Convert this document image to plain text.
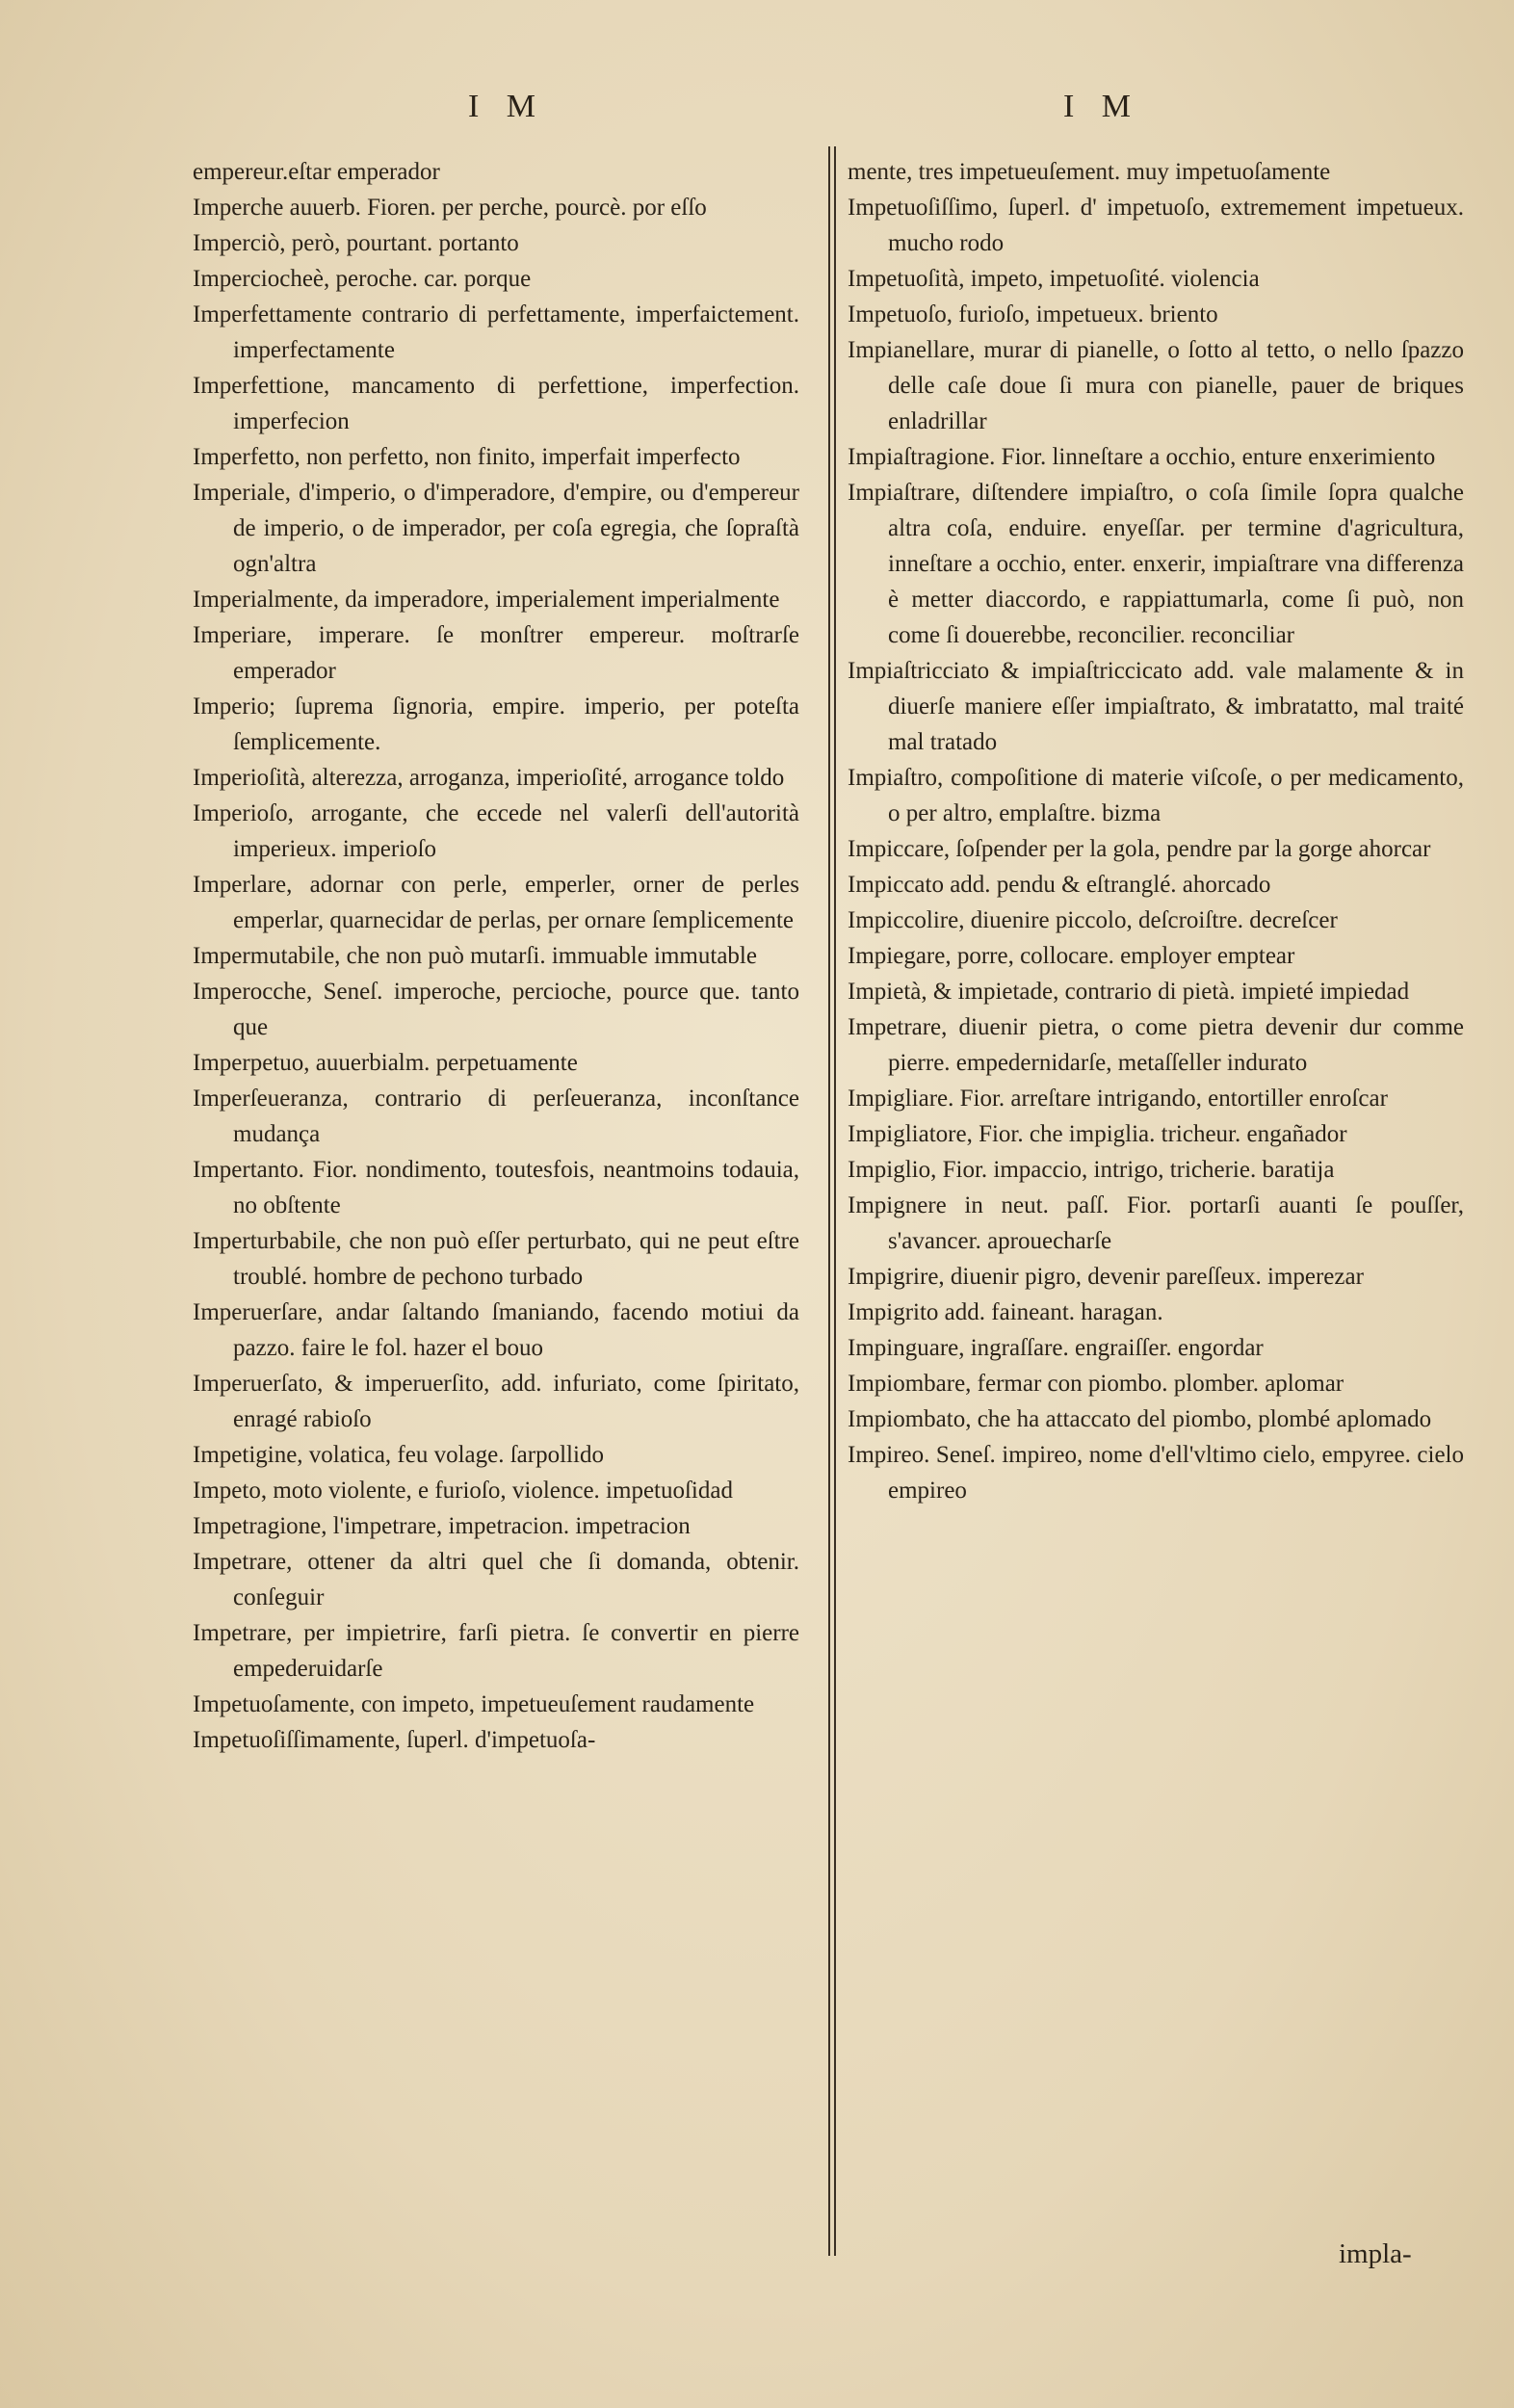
I M	I M

empereur.eſtar emperador

Imperche auuerb. Fioren. per perche, pourcè. por eſſo

Imperciò, però, pourtant. portanto

Imperciocheè, peroche. car. porque

Imperfettamente contrario di perfettamente, imperfaictement. imperfectamente

Imperfettione, mancamento di perfettione, imperfection. imperfecion

Imperfetto, non perfetto, non finito, imperfait imperfecto

Imperiale, d'imperio, o d'imperadore, d'empire, ou d'empereur de imperio, o de imperador, per coſa egregia, che ſopraſtà ogn'altra

Imperialmente, da imperadore, imperialement imperialmente

Imperiare, imperare. ſe monſtrer empereur. moſtrarſe emperador

Imperio; ſuprema ſignoria, empire. imperio, per poteſta ſemplicemente.

Imperioſità, alterezza, arroganza, imperioſité, arrogance toldo

Imperioſo, arrogante, che eccede nel valerſi dell'autorità imperieux. imperioſo

Imperlare, adornar con perle, emperler, orner de perles emperlar, quarnecidar de perlas, per ornare ſemplicemente

Impermutabile, che non può mutarſi. immuable immutable

Imperocche, Seneſ. imperoche, percioche, pource que. tanto que

Imperpetuo, auuerbialm. perpetuamente

Imperſeueranza, contrario di perſeueranza, inconſtance mudança

Impertanto. Fior. nondimento, toutesfois, neantmoins todauia, no obſtente

Imperturbabile, che non può eſſer perturbato, qui ne peut eſtre troublé. hombre de pechono turbado

Imperuerſare, andar ſaltando ſmaniando, facendo motiui da pazzo. faire le fol. hazer el bouo

Imperuerſato, & imperuerſito, add. infuriato, come ſpiritato, enragé rabioſo

Impetigine, volatica, feu volage. ſarpollido

Impeto, moto violente, e furioſo, violence. impetuoſidad

Impetragione, l'impetrare, impetracion. impetracion

Impetrare, ottener da altri quel che ſi domanda, obtenir. conſeguir

Impetrare, per impietrire, farſi pietra. ſe convertir en pierre empederuidarſe

Impetuoſamente, con impeto, impetueuſement raudamente

Impetuoſiſſimamente, ſuperl. d'impetuoſa-

mente, tres impetueuſement. muy impetuoſamente

Impetuoſiſſimo, ſuperl. d' impetuoſo, extremement impetueux. mucho rodo

Impetuoſità, impeto, impetuoſité. violencia

Impetuoſo, furioſo, impetueux. briento

Impianellare, murar di pianelle, o ſotto al tetto, o nello ſpazzo delle caſe doue ſi mura con pianelle, pauer de briques enladrillar

Impiaſtragione. Fior. linneſtare a occhio, enture enxerimiento

Impiaſtrare, diſtendere impiaſtro, o coſa ſimile ſopra qualche altra coſa, enduire. enyeſſar. per termine d'agricultura, inneſtare a occhio, enter. enxerir, impiaſtrare vna differenza è metter diaccordo, e rappiattumarla, come ſi può, non come ſi douerebbe, reconcilier. reconciliar

Impiaſtricciato & impiaſtriccicato add. vale malamente & in diuerſe maniere eſſer impiaſtrato, & imbratatto, mal traité mal tratado

Impiaſtro, compoſitione di materie viſcoſe, o per medicamento, o per altro, emplaſtre. bizma

Impiccare, ſoſpender per la gola, pendre par la gorge ahorcar

Impiccato add. pendu & eſtranglé. ahorcado

Impiccolire, diuenire piccolo, deſcroiſtre. decreſcer

Impiegare, porre, collocare. employer emptear

Impietà, & impietade, contrario di pietà. impieté impiedad

Impetrare, diuenir pietra, o come pietra devenir dur comme pierre. empedernidarſe, metaſſeller indurato

Impigliare. Fior. arreſtare intrigando, entortiller enroſcar

Impigliatore, Fior. che impiglia. tricheur. engañador

Impiglio, Fior. impaccio, intrigo, tricherie. baratija

Impignere in neut. paſſ. Fior. portarſi auanti ſe pouſſer, s'avancer. aprouecharſe

Impigrire, diuenir pigro, devenir pareſſeux. imperezar

Impigrito add. faineant. haragan.

Impinguare, ingraſſare. engraiſſer. engordar

Impiombare, fermar con piombo. plomber. aplomar

Impiombato, che ha attaccato del piombo, plombé aplomado

Impireo. Seneſ. impireo, nome d'ell'vltimo cielo, empyree. cielo empireo

impla-
